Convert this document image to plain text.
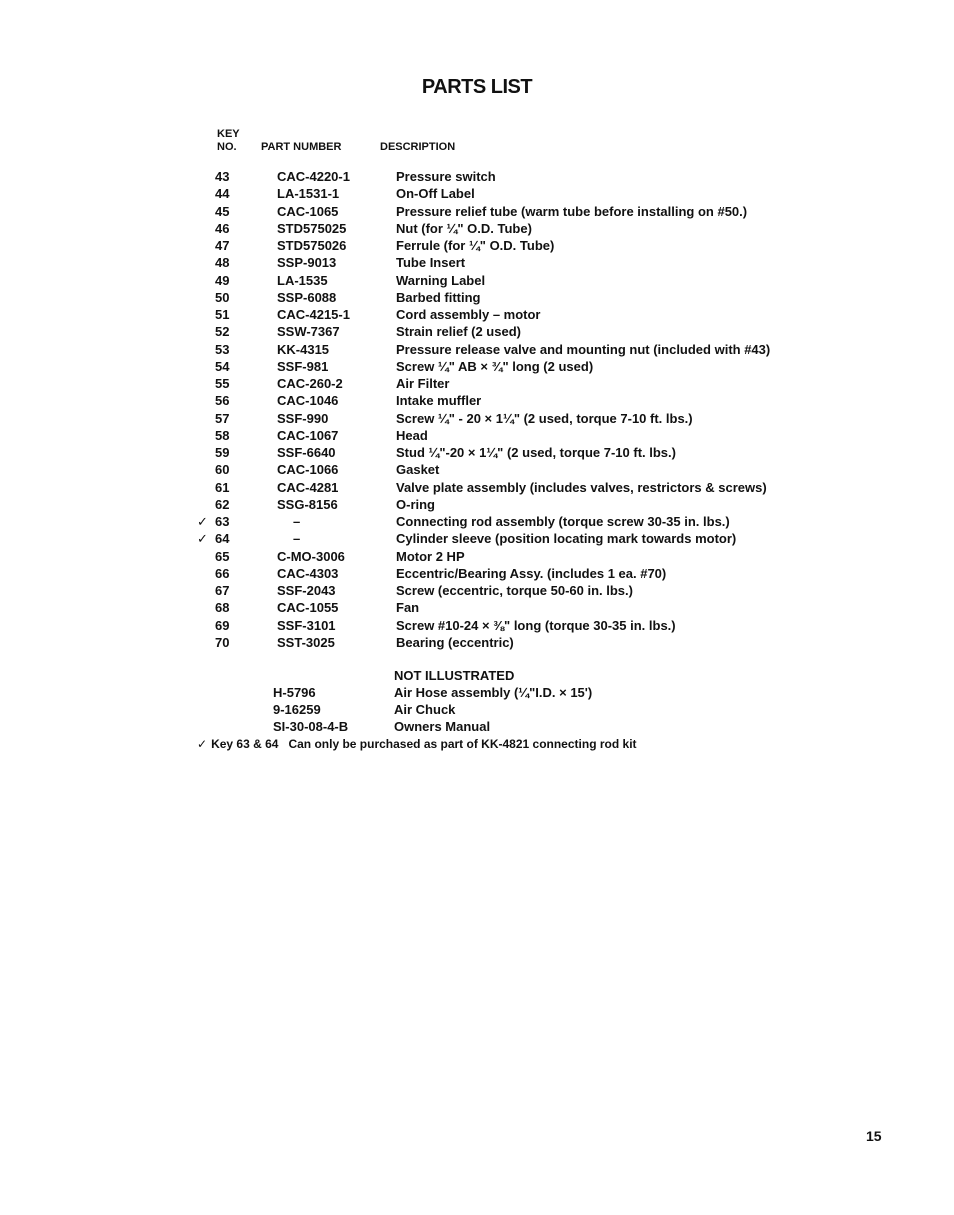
PARTS LIST
KEY
NO. PART NUMBER	DESCRIPTION
43	CAC-4220-1	Pressure switch
44	LA-1531-1	On-Off Label
45	CAC-1065	Pressure relief tube (warm tube before installing on #50.)
46	STD575025	Nut (for ¼" O.D. Tube)
47	STD575026	Ferrule (for ¼" O.D. Tube)
48	SSP-9013	Tube Insert
49	LA-1535	Warning Label
50	SSP-6088	Barbed fitting
51	CAC-4215-1	Cord assembly – motor
52	SSW-7367	Strain relief (2 used)
53	KK-4315	Pressure release valve and mounting nut (included with #43)
54	SSF-981	Screw ¼" AB × ¾" long (2 used)
55	CAC-260-2	Air Filter
56	CAC-1046	Intake muffler
57	SSF-990	Screw ¼" - 20 × 1¼" (2 used, torque 7-10 ft. lbs.)
58	CAC-1067	Head
59	SSF-6640	Stud ¼"-20 × 1¼" (2 used, torque 7-10 ft. lbs.)
60	CAC-1066	Gasket
61	CAC-4281	Valve plate assembly (includes valves, restrictors & screws)
62	SSG-8156	O-ring
✓ 63	–	Connecting rod assembly (torque screw 30-35 in. lbs.)
✓ 64	–	Cylinder sleeve (position locating mark towards motor)
65	C-MO-3006	Motor 2 HP
66	CAC-4303	Eccentric/Bearing Assy. (includes 1 ea. #70)
67	SSF-2043	Screw (eccentric, torque 50-60 in. lbs.)
68	CAC-1055	Fan
69	SSF-3101	Screw #10-24 × ⅜" long (torque 30-35 in. lbs.)
70	SST-3025	Bearing (eccentric)
NOT ILLUSTRATED
H-5796	Air Hose assembly (¼"I.D. × 15')
9-16259	Air Chuck
SI-30-08-4-B	Owners Manual
✓ Key 63 & 64 Can only be purchased as part of KK-4821 connecting rod kit
15
